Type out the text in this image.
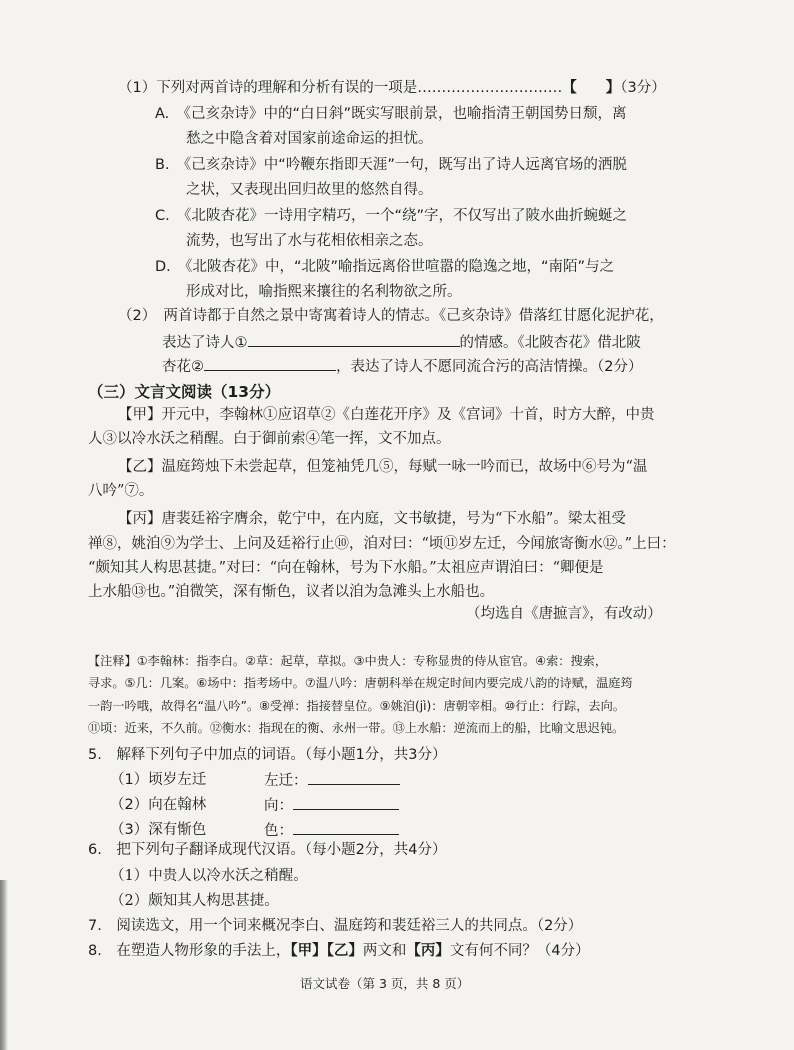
（1）下列对两首诗的理解和分析有误的一项是…………………………【　　】（3分）
A.　《己亥杂诗》中的“白日斜”既实写眼前景，也喻指清王朝国势日颓，离
愁之中隐含着对国家前途命运的担忧。
B.　《己亥杂诗》中“吟鞭东指即天涯”一句，既写出了诗人远离官场的洒脱
之状，又表现出回归故里的悠然自得。
C.　《北陂杏花》一诗用字精巧，一个“绕”字，不仅写出了陂水曲折蜿蜒之
流势，也写出了水与花相依相亲之态。
D.　《北陂杏花》中，“北陂”喻指远离俗世喧嚣的隐逸之地，“南陌”与之
形成对比，喻指熙来攘往的名利物欲之所。
（2）　两首诗都于自然之景中寄寓着诗人的情志。《己亥杂诗》借落红甘愿化泥护花，
表达了诗人①	的情感。《北陂杏花》借北陂
杏花②	，表达了诗人不愿同流合污的高洁情操。（2分）
（三）文言文阅读（13分）
【甲】开元中，李翰林①应诏草②《白莲花开序》及《宫词》十首，时方大醉，中贵
人③以冷水沃之稍醒。白于御前索④笔一挥，文不加点。
【乙】温庭筠烛下未尝起草，但笼袖凭几⑤，每赋一咏一吟而已，故场中⑥号为“温
八吟”⑦。
【丙】唐裴廷裕字膺余，乾宁中，在内庭，文书敏捷，号为“下水船”。梁太祖受
禅⑧，姚洎⑨为学士、上问及廷裕行止⑩，洎对曰：“顷⑪岁左迁，今闻旅寄衡水⑫。”上曰：
“颇知其人构思甚捷。”对曰：“向在翰林，号为下水船。”太祖应声谓洎曰：“卿便是
上水船⑬也。”洎微笑，深有惭色，议者以洎为急滩头上水船也。
（均选自《唐摭言》，有改动）
【注释】①李翰林：指李白。②草：起草，草拟。③中贵人：专称显贵的侍从宦官。④索：搜索，
寻求。⑤几：几案。⑥场中：指考场中。⑦温八吟：唐朝科举在规定时间内要完成八韵的诗赋，温庭筠
一韵一吟哦，故得名“温八吟”。⑧受禅：指接替皇位。⑨姚洎(jì)：唐朝宰相。⑩行止：行踪，去向。
⑪顷：近来，不久前。⑫衡水：指现在的衡、永州一带。⑬上水船：逆流而上的船，比喻文思迟钝。
5.　解释下列句子中加点的词语。（每小题1分，共3分）
（1）顷岁左迁	左迁：
（2）向在翰林	向：
（3）深有惭色	色：
6.　把下列句子翻译成现代汉语。（每小题2分，共4分）
（1）中贵人以冷水沃之稍醒。
（2）颇知其人构思甚捷。
7.　阅读选文，用一个词来概况李白、温庭筠和裴廷裕三人的共同点。（2分）
8.　在塑造人物形象的手法上，【甲】【乙】两文和【丙】文有何不同？（4分）
语文试卷（第 3 页，共 8 页）
